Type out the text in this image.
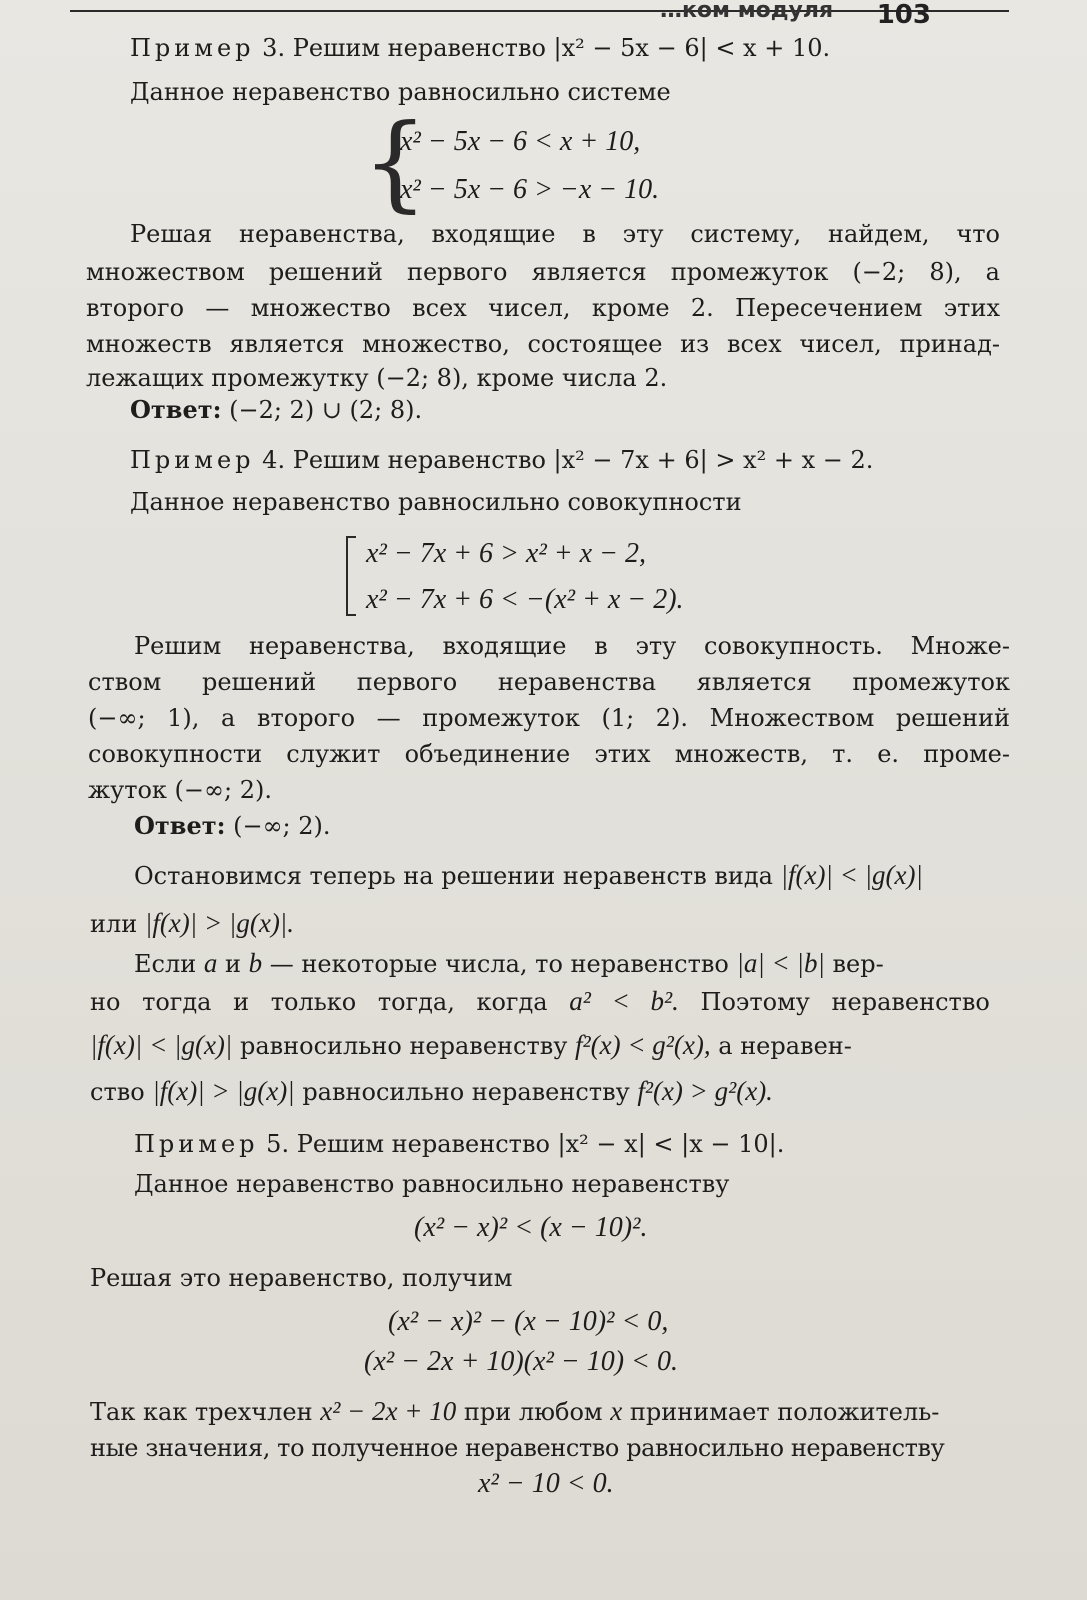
…ком модуля 103
Пример 3. Решим неравенство |x² − 5x − 6| < x + 10.
Данное неравенство равносильно системе
{
x² − 5x − 6 < x + 10,
x² − 5x − 6 > −x − 10.
Решая неравенства, входящие в эту систему, найдем, что
множеством решений первого является промежуток (−2; 8), а
второго — множество всех чисел, кроме 2. Пересечением этих
множеств является множество, состоящее из всех чисел, принад-
лежащих промежутку (−2; 8), кроме числа 2.
Ответ: (−2; 2) ∪ (2; 8).
Пример 4. Решим неравенство |x² − 7x + 6| > x² + x − 2.
Данное неравенство равносильно совокупности
x² − 7x + 6 > x² + x − 2,
x² − 7x + 6 < −(x² + x − 2).
Решим неравенства, входящие в эту совокупность. Множе-
ством решений первого неравенства является промежуток
(−∞; 1), а второго — промежуток (1; 2). Множеством решений
совокупности служит объединение этих множеств, т. е. проме-
жуток (−∞; 2).
Ответ: (−∞; 2).
Остановимся теперь на решении неравенств вида |f(x)| < |g(x)|
или |f(x)| > |g(x)|.
Если a и b — некоторые числа, то неравенство |a| < |b| вер-
но тогда и только тогда, когда a² < b². Поэтому неравенство
|f(x)| < |g(x)| равносильно неравенству f²(x) < g²(x), а нерaвен-
ство |f(x)| > |g(x)| равносильно неравенству f²(x) > g²(x).
Пример 5. Решим неравенство |x² − x| < |x − 10|.
Данное неравенство равносильно неравенству
(x² − x)² < (x − 10)².
Решая это неравенство, получим
(x² − x)² − (x − 10)² < 0,
(x² − 2x + 10)(x² − 10) < 0.
Так как трехчлен x² − 2x + 10 при любом x принимает положитель-
ные значения, то полученное неравенство равносильно неравенству
x² − 10 < 0.
